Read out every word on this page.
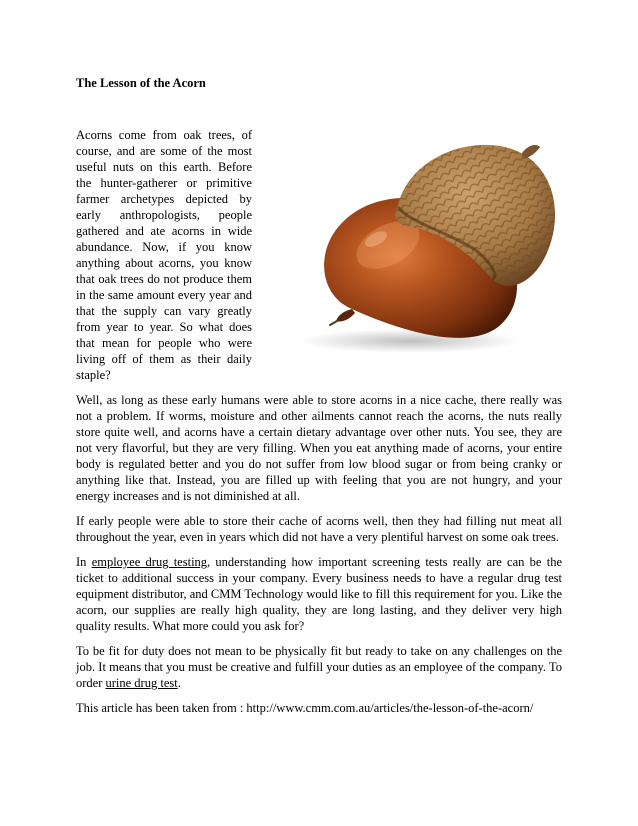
The Lesson of the Acorn

Acorns come from oak trees, of course, and are some of the most useful nuts on this earth. Before the hunter-gatherer or primitive farmer archetypes depicted by early anthropologists, people gathered and ate acorns in wide abundance. Now, if you know anything about acorns, you know that oak trees do not produce them in the same amount every year and that the supply can vary greatly from year to year. So what does that mean for people who were living off of them as their daily staple?

Well, as long as these early humans were able to store acorns in a nice cache, there really was not a problem. If worms, moisture and other ailments cannot reach the acorns, the nuts really store quite well, and acorns have a certain dietary advantage over other nuts. You see, they are not very flavorful, but they are very filling. When you eat anything made of acorns, your entire body is regulated better and you do not suffer from low blood sugar or from being cranky or anything like that. Instead, you are filled up with feeling that you are not hungry, and your energy increases and is not diminished at all.

If early people were able to store their cache of acorns well, then they had filling nut meat all throughout the year, even in years which did not have a very plentiful harvest on some oak trees.

In employee drug testing, understanding how important screening tests really are can be the ticket to additional success in your company. Every business needs to have a regular drug test equipment distributor, and CMM Technology would like to fill this requirement for you. Like the acorn, our supplies are really high quality, they are long lasting, and they deliver very high quality results. What more could you ask for?

To be fit for duty does not mean to be physically fit but ready to take on any challenges on the job. It means that you must be creative and fulfill your duties as an employee of the company. To order urine drug test.

This article has been taken from : http://www.cmm.com.au/articles/the-lesson-of-the-acorn/
